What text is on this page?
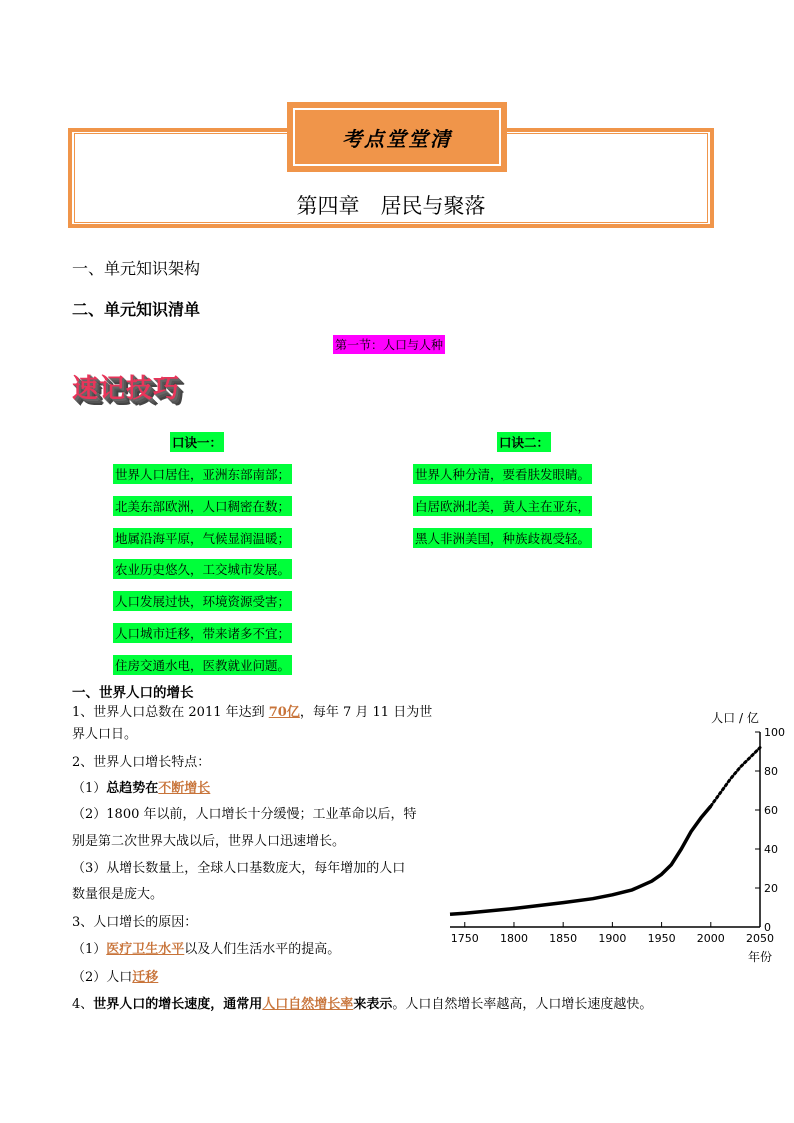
考点堂堂清
第四章　居民与聚落
一、单元知识架构
二、单元知识清单
第一节：人口与人种
速记技巧
口诀一：
世界人口居住，亚洲东部南部；
北美东部欧洲，人口稠密在数；
地属沿海平原，气候显润温暖；
农业历史悠久，工交城市发展。
人口发展过快，环境资源受害；
人口城市迁移，带来诸多不宜；
住房交通水电，医教就业问题。
口诀二：
世界人种分清，要看肤发眼睛。
白居欧洲北美，黄人主在亚东，
黑人非洲美国，种族歧视受轻。
一、世界人口的增长
1、世界人口总数在 2011 年达到 70亿，每年 7 月 11 日为世
界人口日。
2、世界人口增长特点：
（1）总趋势在不断增长
（2）1800 年以前，人口增长十分缓慢；工业革命以后，特
别是第二次世界大战以后，世界人口迅速增长。
（3）从增长数量上，全球人口基数庞大，每年增加的人口
数量很是庞大。
3、人口增长的原因：
（1）医疗卫生水平以及人们生活水平的提高。
（2）人口迁移
4、世界人口的增长速度，通常用人口自然增长率来表示。人口自然增长率越高，人口增长速度越快。
人口 / 亿
年份
1750 1800 1850 1900 1950 2000 2050
0
20
40
60
80
100
